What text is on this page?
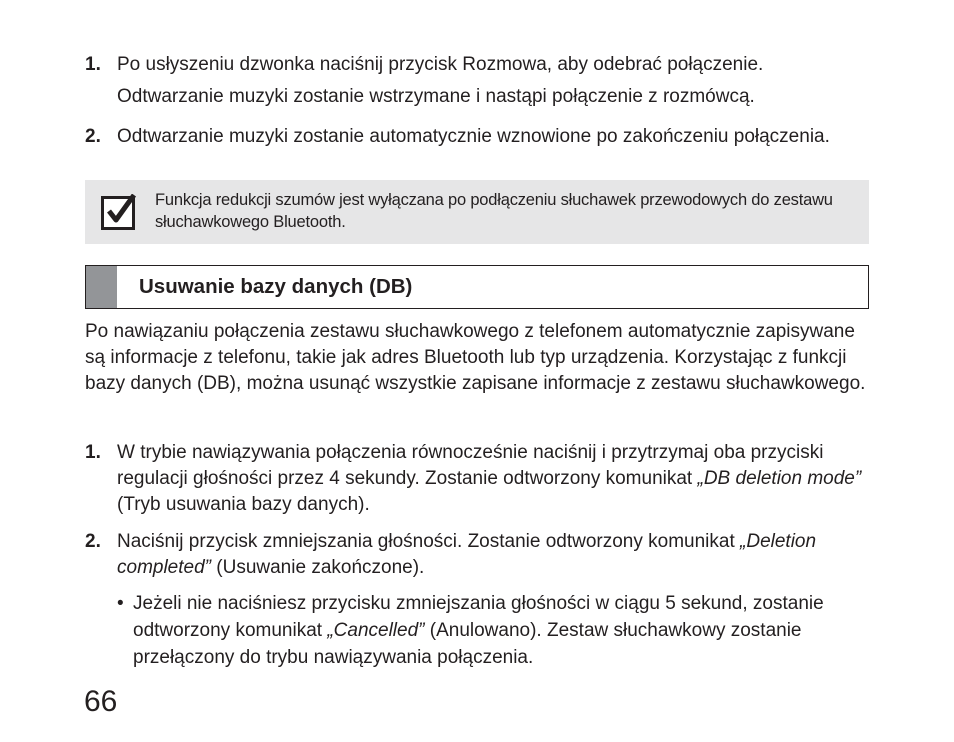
1. Po usłyszeniu dzwonka naciśnij przycisk Rozmowa, aby odebrać połączenie.

Odtwarzanie muzyki zostanie wstrzymane i nastąpi połączenie z rozmówcą.

2. Odtwarzanie muzyki zostanie automatycznie wznowione po zakończeniu połączenia.

Funkcja redukcji szumów jest wyłączana po podłączeniu słuchawek przewodowych do zestawu słuchawkowego Bluetooth.
Usuwanie bazy danych (DB)
Po nawiązaniu połączenia zestawu słuchawkowego z telefonem automatycznie zapisywane są informacje z telefonu, takie jak adres Bluetooth lub typ urządzenia. Korzystając z funkcji bazy danych (DB), można usunąć wszystkie zapisane informacje z zestawu słuchawkowego.
1. W trybie nawiązywania połączenia równocześnie naciśnij i przytrzymaj oba przyciski regulacji głośności przez 4 sekundy. Zostanie odtworzony komunikat „DB deletion mode” (Tryb usuwania bazy danych).
2. Naciśnij przycisk zmniejszania głośności. Zostanie odtworzony komunikat „Deletion completed” (Usuwanie zakończone).
• Jeżeli nie naciśniesz przycisku zmniejszania głośności w ciągu 5 sekund, zostanie odtworzony komunikat „Cancelled” (Anulowano). Zestaw słuchawkowy zostanie przełączony do trybu nawiązywania połączenia.
66
